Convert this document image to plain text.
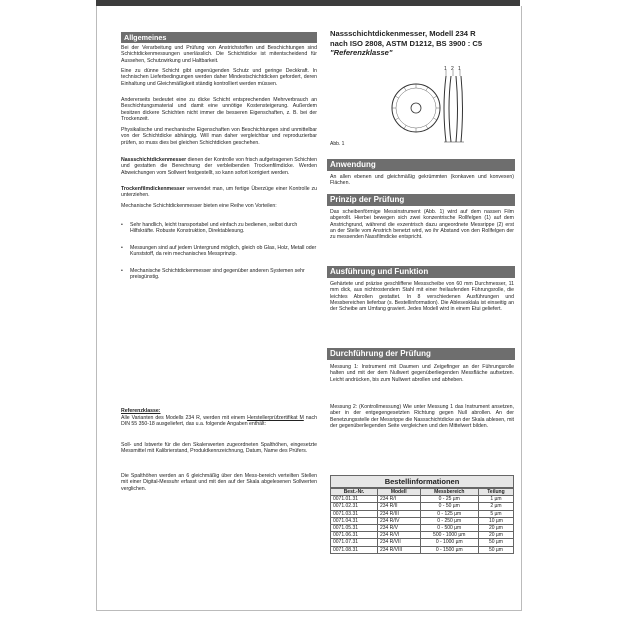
Allgemeines

Bei der Verarbeitung und Prüfung von Anstrichstoffen und Beschichtungen sind Schichtdickenmessungen unerlässlich. Die Schichtdicke ist mitentscheidend für Aussehen, Schutzwirkung und Haltbarkeit.

Eine zu dünne Schicht gibt ungenügenden Schutz und geringe Deckkraft. In technischen Lieferbedingungen werden daher Mindestschichtdicken gefordert, deren Einhaltung und Gleichmäßigkeit ständig kontrolliert werden müssen.

Andererseits bedeutet eine zu dicke Schicht entsprechenden Mehrverbrauch an Beschichtungsmaterial und damit eine unnötige Kostensteigerung. Außerdem besitzen dickere Schichten nicht immer die besseren Eigenschaften, z. B. bei der Trockenzeit.

Physikalische und mechanische Eigenschaften von Beschichtungen sind unmittelbar von der Schichtdicke abhängig. Will man daher vergleichbar und reproduzierbar prüfen, so muss dies bei gleichen Schichtdicken geschehen.

Nassschichtdickenmesser dienen der Kontrolle von frisch aufgetragenen Schichten und gestatten die Berechnung der verbleibenden Trockenfilmdicke. Werden Abweichungen vom Sollwert festgestellt, so kann sofort korrigiert werden.

Trockenfilmdickenmesser verwendet man, um fertige Überzüge einer Kontrolle zu unterziehen.

Mechanische Schichtdickenmesser bieten eine Reihe von Vorteilen:

• Sehr handlich, leicht transportabel und einfach zu bedienen, selbst durch Hilfskräfte. Robuste Konstruktion, Direktablesung.
• Messungen sind auf jedem Untergrund möglich, gleich ob Glas, Holz, Metall oder Kunststoff, da rein mechanisches Messprinzip.
• Mechanische Schichtdickenmesser sind gegenüber anderen Systemen sehr preisgünstig.

Referenzklasse:

Alle Varianten des Modells 234 R, werden mit einem Herstellerprüfzertifikat M nach DIN 55 350-18 ausgeliefert, das u.a. folgende Angaben enthält:

Soll- und Istwerte für die den Skalenwerten zugeordneten Spalthöhen, eingesetzte Messmittel mit Kalibrierstand, Produktkennzeichnung, Datum, Name des Prüfers.

Die Spalthöhen werden an 6 gleichmäßig über den Mess-bereich verteilten Stellen mit einer Digital-Messuhr erfasst und mit den auf der Skala abgelesenen Sollwerten verglichen.

Nassschichtdickenmesser, Modell 234 R
nach ISO 2808, ASTM D1212, BS 3900 : C5
"Referenzklasse"
1 2 1
Abb. 1
Anwendung

An allen ebenen und gleichmäßig gekrümmten (konkaven und konvexen) Flächen.

Prinzip der Prüfung

Das scheibenförmige Messinstrument (Abb. 1) wird auf dem nassen Film abgerollt. Hierbei bewegen sich zwei konzentrische Rollfelgen (1) auf dem Anstrichgrund, während die exzentrisch dazu angeordnete Messrippe (2) erst an der Stelle vom Anstrich benetzt wird, wo ihr Abstand von den Rollfelgen der zu messenden Nassfilmdicke entspricht.

Ausführung und Funktion

Gehärtete und präzise geschliffene Messscheibe von 60 mm Durchmesser, 11 mm dick, aus nichtrostendem Stahl mit einer freilaufenden Führungsrolle, die leichtes Abrollen gestattet. In 8 verschiedenen Ausführungen und Messbereichen lieferbar (s. Bestellinformation). Die Ablesesklala ist einseitig an der Scheibe am Umfang graviert. Jedes Modell wird in einem Etui geliefert.

Durchführung der Prüfung

Messung 1: Instrument mit Daumen und Zeigefinger an der Führungsrolle halten und mit der dem Nullwert gegenüberliegenden Messfläche aufsetzen. Leicht andrücken, bis zum Nullwert abrollen und abheben.

Messung 2: (Kontrollmessung) Wie unter Messung 1 das Instrument ansetzen, aber in der entgegengesetzten Richtung gegen Null abrollen. An der Benetzungsstelle der Messrippe die Nassschichtdicke an der Skala ablesen, mit der gegenüberliegenden Seite vergleichen und den Mittelwert bilden.

Bestellinformationen
Best.-Nr.	Modell	Messbereich	Teilung
0071.01.31	234 R/I	0 - 25 µm	1 µm
0071.02.31	234 R/II	0 - 50 µm	2 µm
0071.03.31	234 R/III	0 - 125 µm	5 µm
0071.04.31	234 R/IV	0 - 250 µm	10 µm
0071.05.31	234 R/V	0 - 500 µm	20 µm
0071.06.31	234 R/VI	500 - 1000 µm	20 µm
0071.07.31	234 R/VII	0 - 1000 µm	50 µm
0071.08.31	234 R/VIII	0 - 1500 µm	50 µm
